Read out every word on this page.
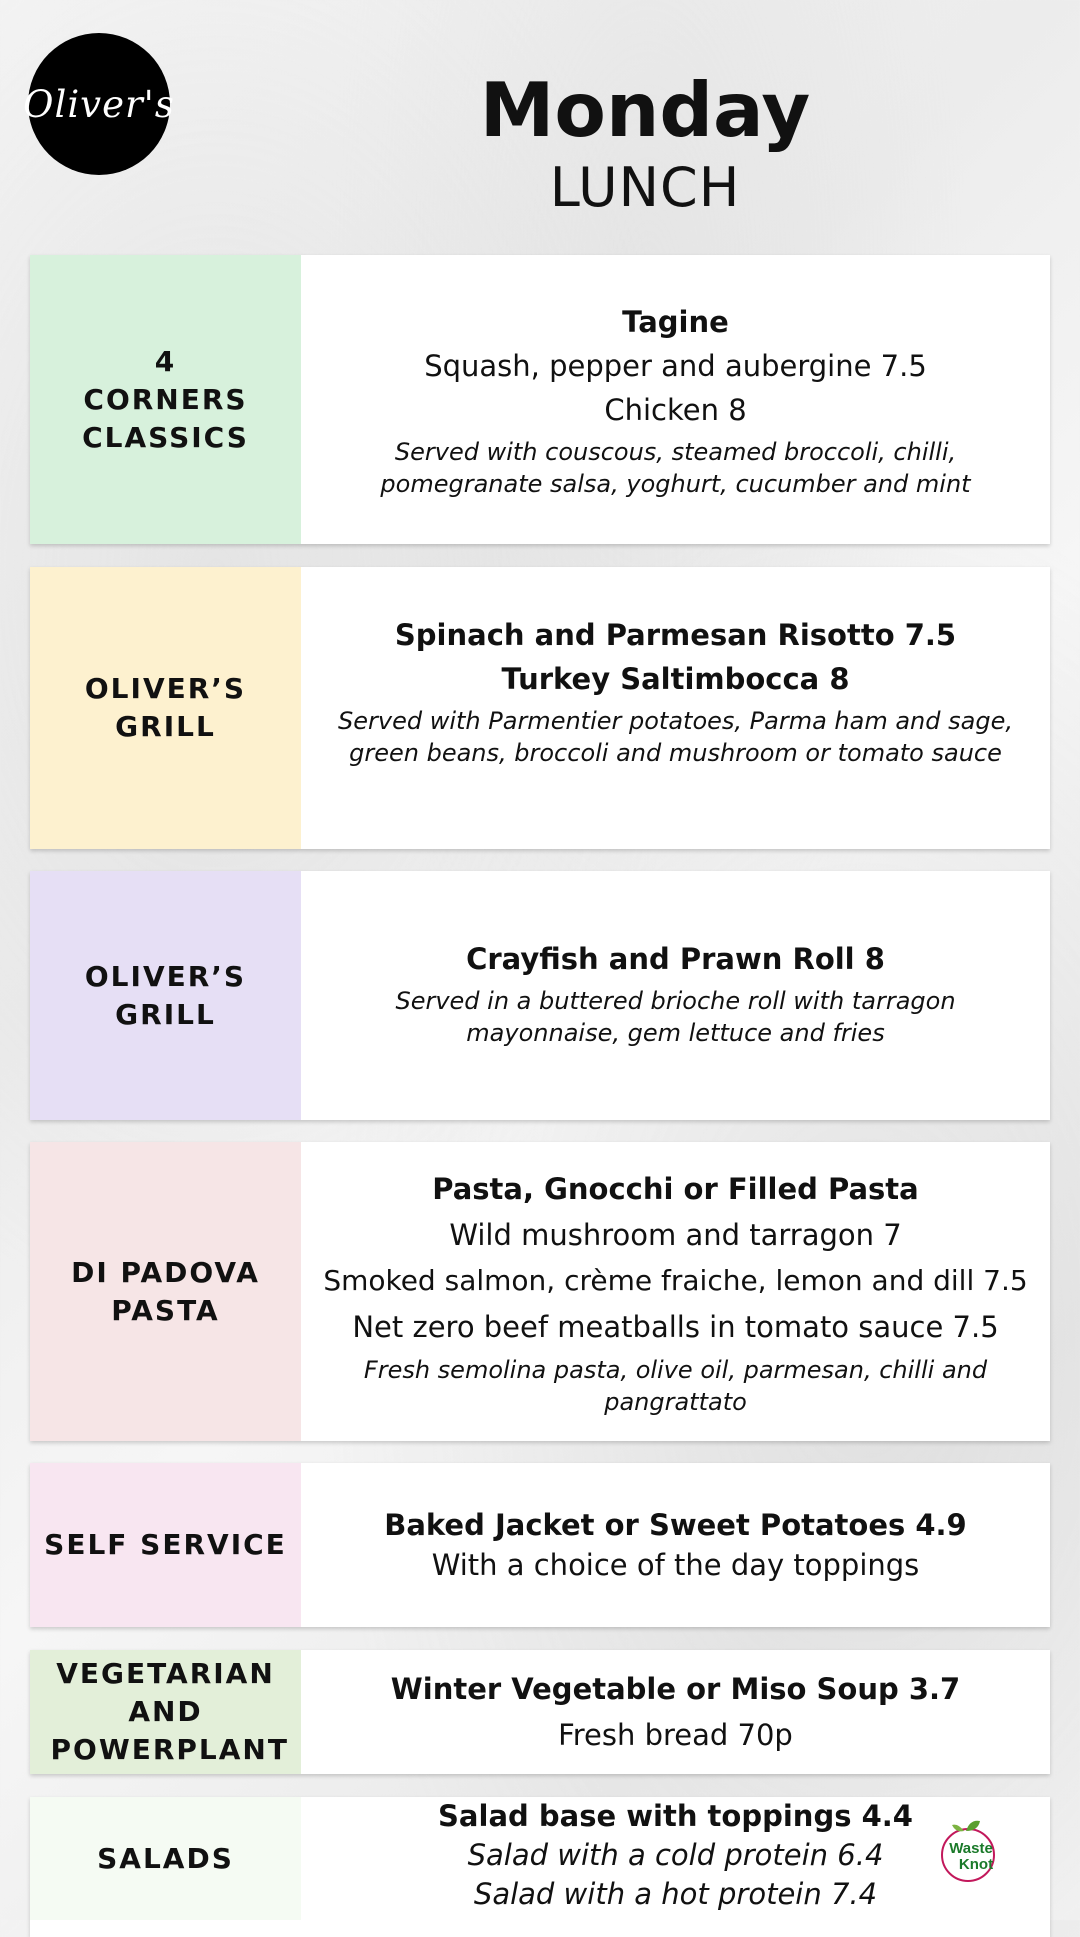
Oliver's	Monday
LUNCH
4 CORNERS CLASSICS
Tagine
Squash, pepper and aubergine 7.5
Chicken 8
Served with couscous, steamed broccoli, chilli, pomegranate salsa, yoghurt, cucumber and mint
OLIVER’S GRILL
Spinach and Parmesan Risotto 7.5
Turkey Saltimbocca 8
Served with Parmentier potatoes, Parma ham and sage, green beans, broccoli and mushroom or tomato sauce
OLIVER’S GRILL
Crayfish and Prawn Roll 8
Served in a buttered brioche roll with tarragon mayonnaise, gem lettuce and fries
DI PADOVA PASTA
Pasta, Gnocchi or Filled Pasta
Wild mushroom and tarragon 7
Smoked salmon, crème fraiche, lemon and dill 7.5
Net zero beef meatballs in tomato sauce 7.5
Fresh semolina pasta, olive oil, parmesan, chilli and pangrattato
SELF SERVICE
Baked Jacket or Sweet Potatoes 4.9
With a choice of the day toppings
VEGETARIAN AND POWERPLANT
Winter Vegetable or Miso Soup 3.7
Fresh bread 70p
SALADS
Salad base with toppings 4.4
Salad with a cold protein 6.4
Salad with a hot protein 7.4
Waste
Knot
